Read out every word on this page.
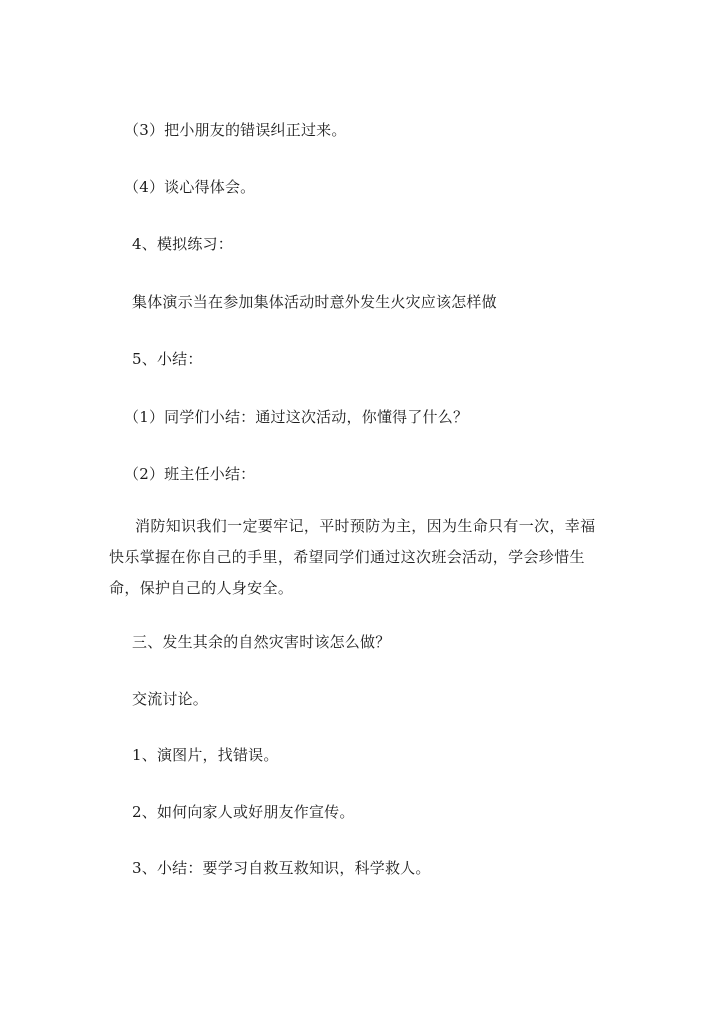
（3）把小朋友的错误纠正过来。
（4）谈心得体会。
4、模拟练习：
集体演示当在参加集体活动时意外发生火灾应该怎样做
5、小结：
（1）同学们小结：通过这次活动，你懂得了什么？
（2）班主任小结：
消防知识我们一定要牢记，平时预防为主，因为生命只有一次，幸福快乐掌握在你自己的手里，希望同学们通过这次班会活动，学会珍惜生命，保护自己的人身安全。
三、发生其余的自然灾害时该怎么做？
交流讨论。
1、演图片，找错误。
2、如何向家人或好朋友作宣传。
3、小结：要学习自救互救知识，科学救人。
